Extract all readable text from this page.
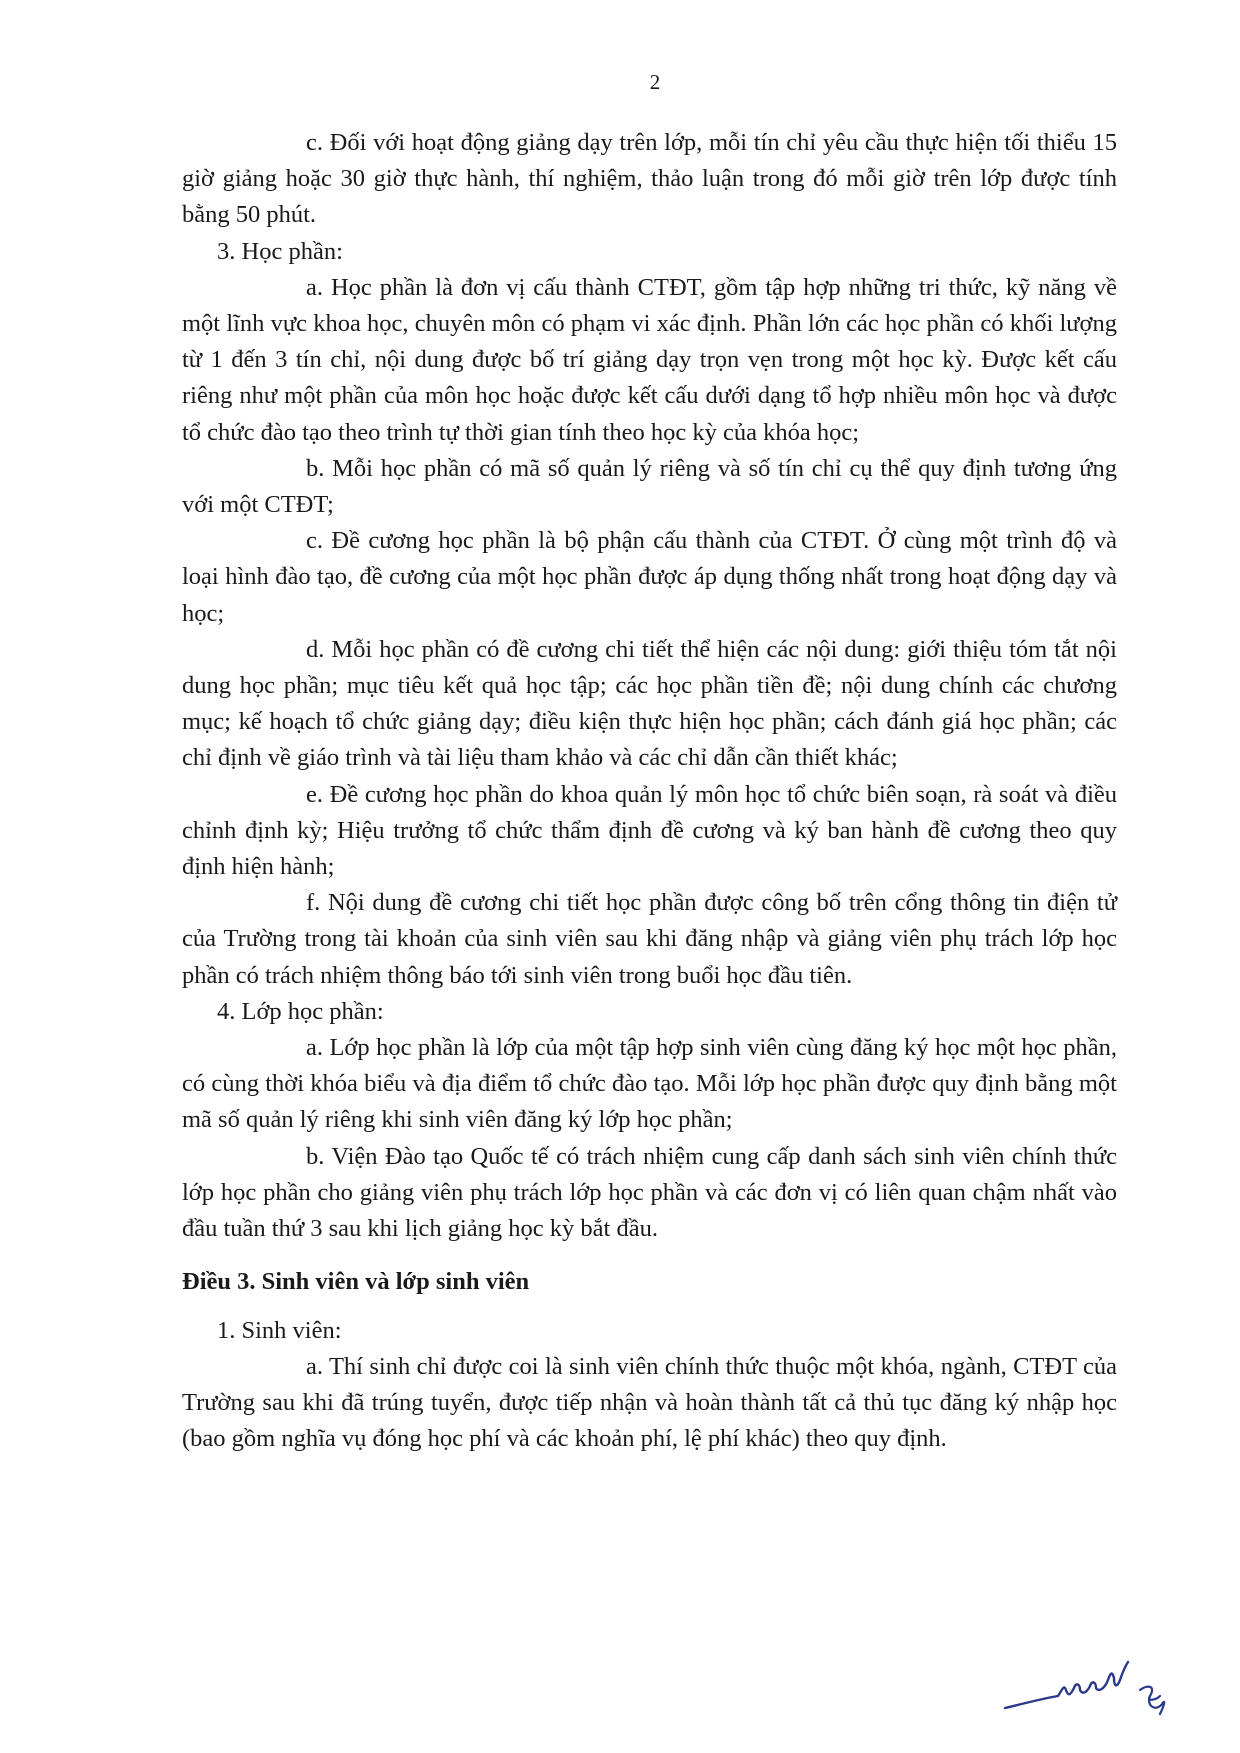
2

c. Đối với hoạt động giảng dạy trên lớp, mỗi tín chỉ yêu cầu thực hiện tối thiểu 15 giờ giảng hoặc 30 giờ thực hành, thí nghiệm, thảo luận trong đó mỗi giờ trên lớp được tính bằng 50 phút.

3. Học phần:

a. Học phần là đơn vị cấu thành CTĐT, gồm tập hợp những tri thức, kỹ năng về một lĩnh vực khoa học, chuyên môn có phạm vi xác định. Phần lớn các học phần có khối lượng từ 1 đến 3 tín chỉ, nội dung được bố trí giảng dạy trọn vẹn trong một học kỳ. Được kết cấu riêng như một phần của môn học hoặc được kết cấu dưới dạng tổ hợp nhiều môn học và được tổ chức đào tạo theo trình tự thời gian tính theo học kỳ của khóa học;

b. Mỗi học phần có mã số quản lý riêng và số tín chỉ cụ thể quy định tương ứng với một CTĐT;

c. Đề cương học phần là bộ phận cấu thành của CTĐT. Ở cùng một trình độ và loại hình đào tạo, đề cương của một học phần được áp dụng thống nhất trong hoạt động dạy và học;

d. Mỗi học phần có đề cương chi tiết thể hiện các nội dung: giới thiệu tóm tắt nội dung học phần; mục tiêu kết quả học tập; các học phần tiền đề; nội dung chính các chương mục; kế hoạch tổ chức giảng dạy; điều kiện thực hiện học phần; cách đánh giá học phần; các chỉ định về giáo trình và tài liệu tham khảo và các chỉ dẫn cần thiết khác;

e. Đề cương học phần do khoa quản lý môn học tổ chức biên soạn, rà soát và điều chỉnh định kỳ; Hiệu trưởng tổ chức thẩm định đề cương và ký ban hành đề cương theo quy định hiện hành;

f. Nội dung đề cương chi tiết học phần được công bố trên cổng thông tin điện tử của Trường trong tài khoản của sinh viên sau khi đăng nhập và giảng viên phụ trách lớp học phần có trách nhiệm thông báo tới sinh viên trong buổi học đầu tiên.

4. Lớp học phần:

a. Lớp học phần là lớp của một tập hợp sinh viên cùng đăng ký học một học phần, có cùng thời khóa biểu và địa điểm tổ chức đào tạo. Mỗi lớp học phần được quy định bằng một mã số quản lý riêng khi sinh viên đăng ký lớp học phần;

b. Viện Đào tạo Quốc tế có trách nhiệm cung cấp danh sách sinh viên chính thức lớp học phần cho giảng viên phụ trách lớp học phần và các đơn vị có liên quan chậm nhất vào đầu tuần thứ 3 sau khi lịch giảng học kỳ bắt đầu.

Điều 3. Sinh viên và lớp sinh viên

1. Sinh viên:

a. Thí sinh chỉ được coi là sinh viên chính thức thuộc một khóa, ngành, CTĐT của Trường sau khi đã trúng tuyển, được tiếp nhận và hoàn thành tất cả thủ tục đăng ký nhập học (bao gồm nghĩa vụ đóng học phí và các khoản phí, lệ phí khác) theo quy định.
